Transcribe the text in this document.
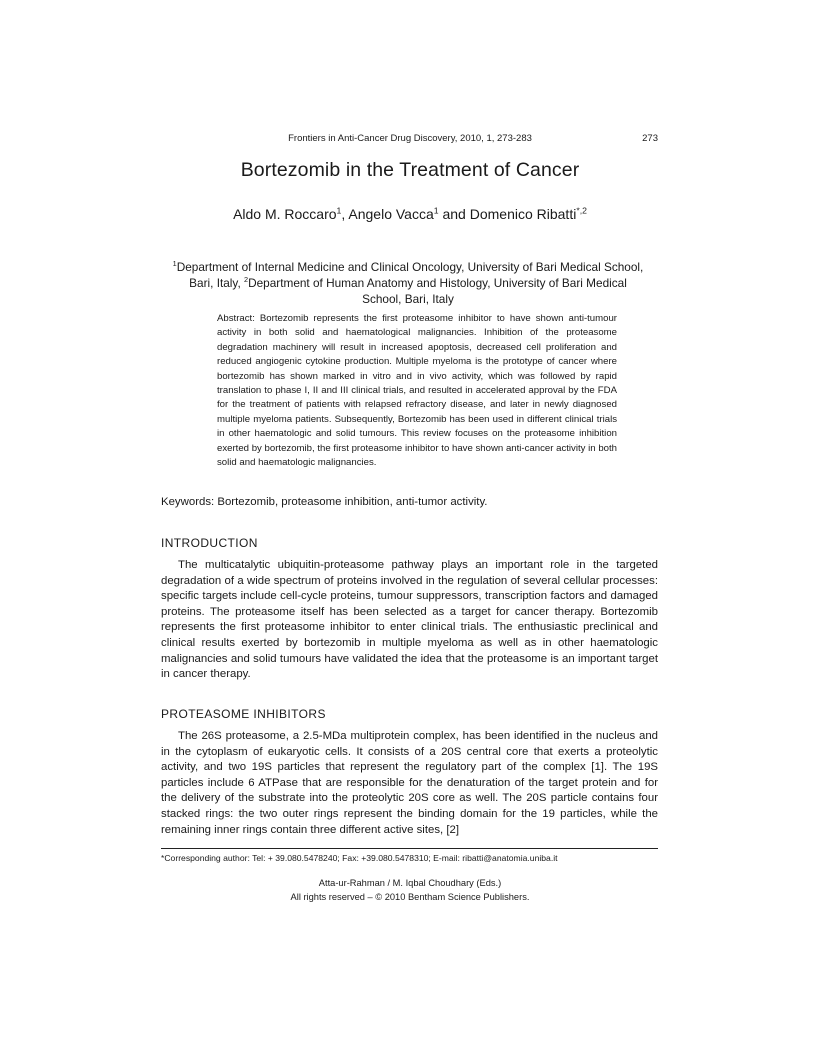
Frontiers in Anti-Cancer Drug Discovery, 2010, 1, 273-283	273
Bortezomib in the Treatment of Cancer
Aldo M. Roccaro$^1$, Angelo Vacca$^1$ and Domenico Ribatti$^{*,2}$
$^1$Department of Internal Medicine and Clinical Oncology, University of Bari Medical School, Bari, Italy, $^2$Department of Human Anatomy and Histology, University of Bari Medical School, Bari, Italy
Abstract: Bortezomib represents the first proteasome inhibitor to have shown anti-tumour activity in both solid and haematological malignancies. Inhibition of the proteasome degradation machinery will result in increased apoptosis, decreased cell proliferation and reduced angiogenic cytokine production. Multiple myeloma is the prototype of cancer where bortezomib has shown marked in vitro and in vivo activity, which was followed by rapid translation to phase I, II and III clinical trials, and resulted in accelerated approval by the FDA for the treatment of patients with relapsed refractory disease, and later in newly diagnosed multiple myeloma patients. Subsequently, Bortezomib has been used in different clinical trials in other haematologic and solid tumours. This review focuses on the proteasome inhibition exerted by bortezomib, the first proteasome inhibitor to have shown anti-cancer activity in both solid and haematologic malignancies.
Keywords: Bortezomib, proteasome inhibition, anti-tumor activity.
INTRODUCTION
The multicatalytic ubiquitin-proteasome pathway plays an important role in the targeted degradation of a wide spectrum of proteins involved in the regulation of several cellular processes: specific targets include cell-cycle proteins, tumour suppressors, transcription factors and damaged proteins. The proteasome itself has been selected as a target for cancer therapy. Bortezomib represents the first proteasome inhibitor to enter clinical trials. The enthusiastic preclinical and clinical results exerted by bortezomib in multiple myeloma as well as in other haematologic malignancies and solid tumours have validated the idea that the proteasome is an important target in cancer therapy.
PROTEASOME INHIBITORS
The 26S proteasome, a 2.5-MDa multiprotein complex, has been identified in the nucleus and in the cytoplasm of eukaryotic cells. It consists of a 20S central core that exerts a proteolytic activity, and two 19S particles that represent the regulatory part of the complex [1]. The 19S particles include 6 ATPase that are responsible for the denaturation of the target protein and for the delivery of the substrate into the proteolytic 20S core as well. The 20S particle contains four stacked rings: the two outer rings represent the binding domain for the 19 particles, while the remaining inner rings contain three different active sites, [2]
*Corresponding author: Tel: + 39.080.5478240; Fax: +39.080.5478310; E-mail: ribatti@anatomia.uniba.it
Atta-ur-Rahman / M. Iqbal Choudhary (Eds.)
All rights reserved – © 2010 Bentham Science Publishers.
